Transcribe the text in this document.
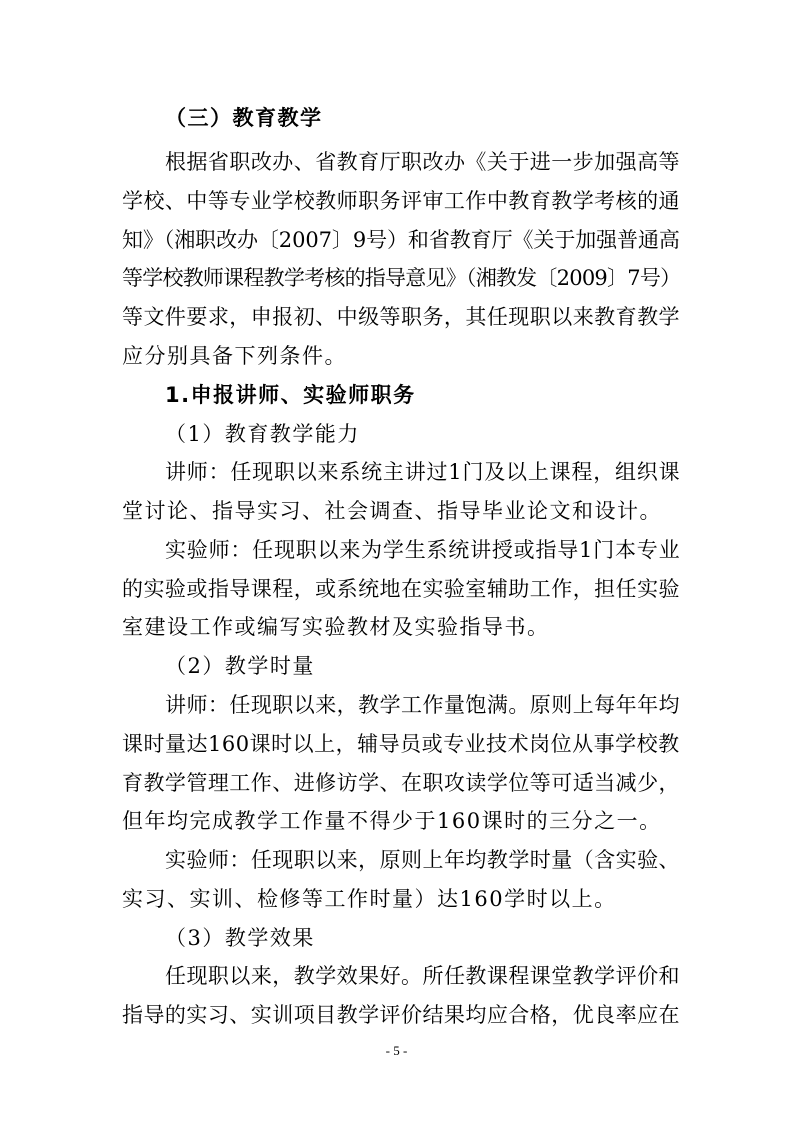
（三）教育教学
根据省职改办、省教育厅职改办《关于进一步加强高等
学校、中等专业学校教师职务评审工作中教育教学考核的通
知》（湘职改办〔2007〕9号）和省教育厅《关于加强普通高
等学校教师课程教学考核的指导意见》（湘教发〔2009〕7号）
等文件要求，申报初、中级等职务，其任现职以来教育教学
应分别具备下列条件。
1.申报讲师、实验师职务
（1）教育教学能力
讲师：任现职以来系统主讲过1门及以上课程，组织课
堂讨论、指导实习、社会调查、指导毕业论文和设计。
实验师：任现职以来为学生系统讲授或指导1门本专业
的实验或指导课程，或系统地在实验室辅助工作，担任实验
室建设工作或编写实验教材及实验指导书。
（2）教学时量
讲师：任现职以来，教学工作量饱满。原则上每年年均
课时量达160课时以上，辅导员或专业技术岗位从事学校教
育教学管理工作、进修访学、在职攻读学位等可适当减少，
但年均完成教学工作量不得少于160课时的三分之一。
实验师：任现职以来，原则上年均教学时量（含实验、
实习、实训、检修等工作时量）达160学时以上。
（3）教学效果
任现职以来，教学效果好。所任教课程课堂教学评价和
指导的实习、实训项目教学评价结果均应合格，优良率应在
- 5 -
